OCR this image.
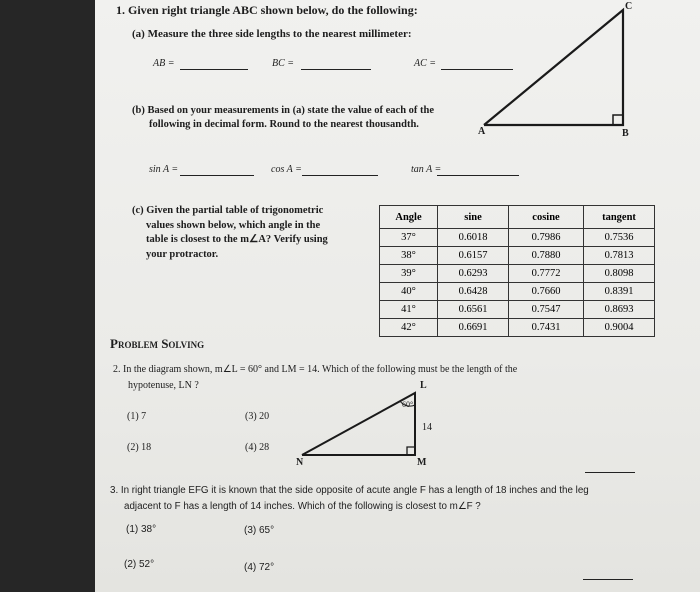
1. Given right triangle ABC shown below, do the following:
(a) Measure the three side lengths to the nearest millimeter:
AB =	BC =	AC =
(b) Based on your measurements in (a) state the value of each of the
following in decimal form. Round to the nearest thousandth.
A	B
C
sin A =	cos A =	tan A =
(c) Given the partial table of trigonometric
values shown below, which angle in the
table is closest to the m∠A? Verify using
your protractor.
Angle	sine	cosine	tangent
37°	0.6018	0.7986	0.7536
38°	0.6157	0.7880	0.7813
39°	0.6293	0.7772	0.8098
40°	0.6428	0.7660	0.8391
41°	0.6561	0.7547	0.8693
42°	0.6691	0.7431	0.9004
Problem Solving
2. In the diagram shown, m∠L = 60° and LM = 14. Which of the following must be the length of the
hypotenuse, LN ?
(1) 7	(3) 20
(2) 18	(4) 28
L
M
N
60°
14
3. In right triangle EFG it is known that the side opposite of acute angle F has a length of 18 inches and the leg
adjacent to F has a length of 14 inches. Which of the following is closest to m∠F ?
(1) 38°	(3) 65°
(2) 52°	(4) 72°
